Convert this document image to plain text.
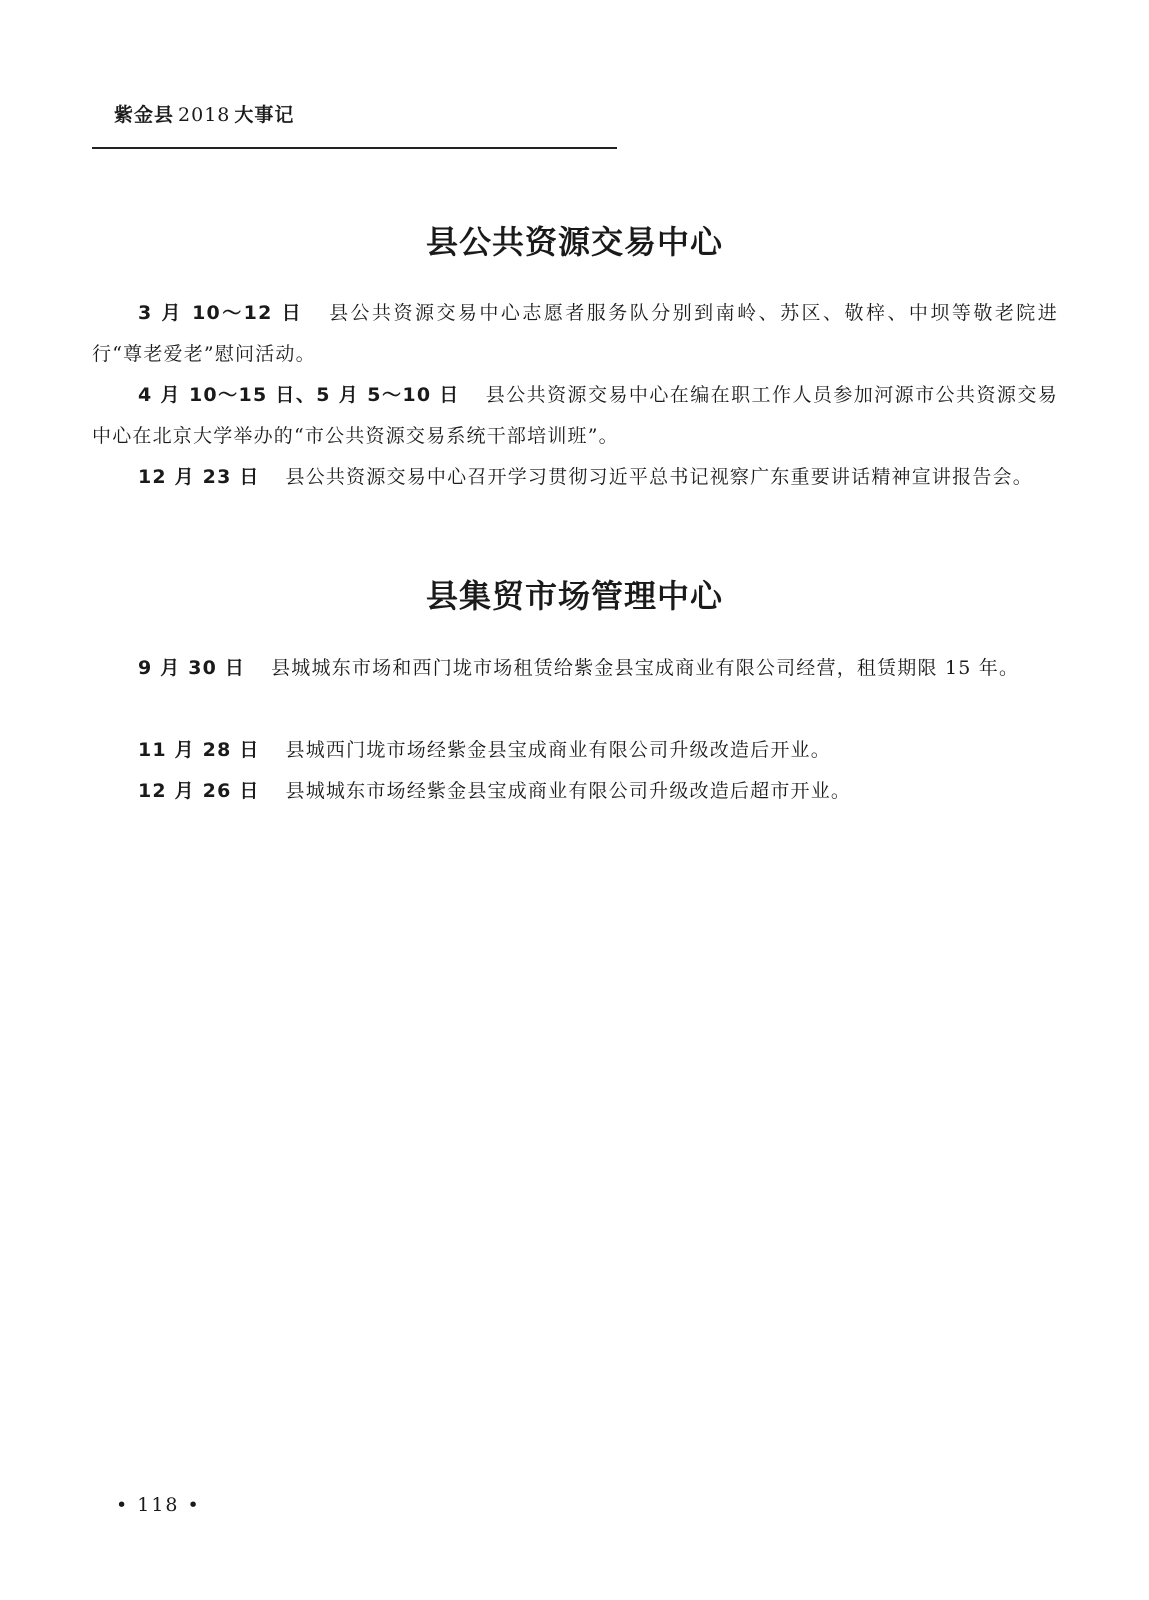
紫金县 2018 大事记
县公共资源交易中心

3 月 10～12 日 县公共资源交易中心志愿者服务队分别到南岭、苏区、敬梓、中坝等敬老院进行“尊老爱老”慰问活动。

4 月 10～15 日、5 月 5～10 日 县公共资源交易中心在编在职工作人员参加河源市公共资源交易中心在北京大学举办的“市公共资源交易系统干部培训班”。

12 月 23 日 县公共资源交易中心召开学习贯彻习近平总书记视察广东重要讲话精神宣讲报告会。

县集贸市场管理中心

9 月 30 日 县城城东市场和西门垅市场租赁给紫金县宝成商业有限公司经营，租赁期限 15 年。

11 月 28 日 县城西门垅市场经紫金县宝成商业有限公司升级改造后开业。

12 月 26 日 县城城东市场经紫金县宝成商业有限公司升级改造后超市开业。

• 118 •
